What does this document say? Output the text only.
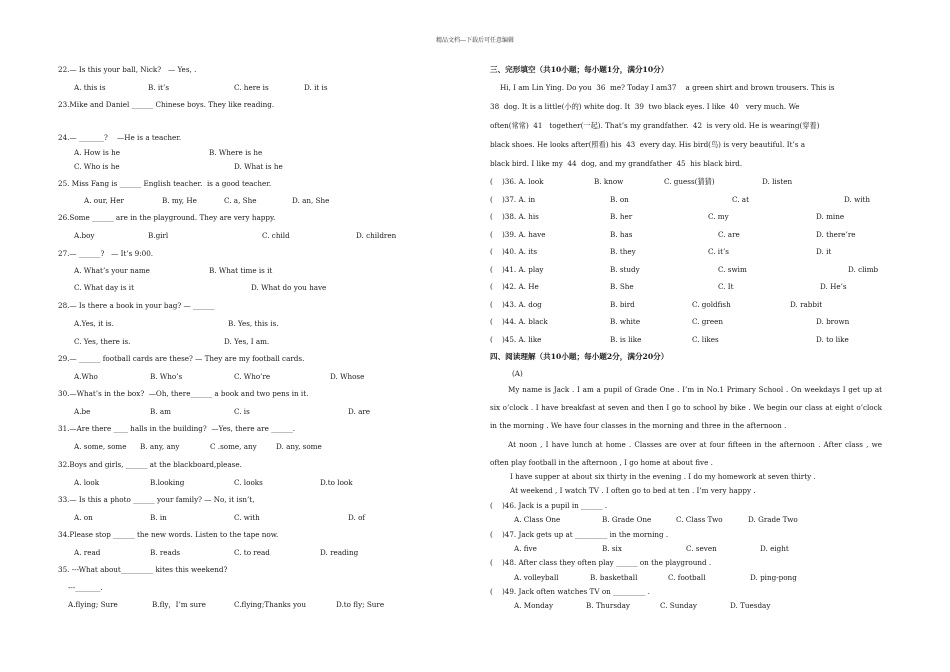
精品文档---下载后可任意编辑
22.— Is this your ball, Nick?   — Yes, .

A. this is

	B. it’s

	C. here is

	D. it is

23.Mike and Daniel ______ Chinese boys. They like reading.
24.— _______?    —He is a teacher.

A. How is he

	B. Where is he

C. Who is he

	D. What is he

25. Miss Fang is ______ English teacher.  is a good teacher.

A. our, Her

	B. my, He

	C. a, She

	D. an, She

26.Some ______ are in the playground. They are very happy.

A.boy

	B.girl

	C. child

	D. children

27.— ______?   — It’s 9:00.

A. What’s your name

	B. What time is it

C. What day is it

	D. What do you have

28.— Is there a book in your bag? — ______

A.Yes, it is.

	B. Yes, this is.

C. Yes, there is.

	D. Yes, I am.

29.— ______ football cards are these? — They are my football cards.

A.Who

	B. Who’s

	C. Who’re

	D. Whose

30.—What’s in the box?  —Oh, there______ a book and two pens in it.

A.be

	B. am

	C. is

	D. are

31.—Are there ____ halls in the building?  —Yes, there are ______.

A. some, some

B. any, any

	C .some, any

	D. any, some

32.Boys and girls, ______ at the blackboard,please.

A. look

	B.looking

	C. looks

	D.to look

33.— Is this a photo ______ your family? — No, it isn’t,

A. on

	B. in

	C. with

	D. of

34.Please stop ______ the new words. Listen to the tape now.

A. read

	B. reads

	C. to read

	D. reading

35. ---What about_________ kites this weekend?
---_______.

A.flying; Sure

	B.fly，I’m sure

	C.flying;Thanks you

	D.to fly; Sure

三、完形填空（共10小题；每小题1分，满分10分）
Hi, I am Lin Ying. Do you  36  me? Today I am37    a green shirt and brown trousers. This is
38  dog. It is a little(小的) white dog. It  39  two black eyes. I like  40   very much. We
often(常常)  41   together(一起). That’s my grandfather.  42  is very old. He is wearing(穿着)
black shoes. He looks after(照看) his  43  every day. His bird(鸟) is very beautiful. It’s a
black bird. I like my  44  dog, and my grandfather  45  his black bird.

(    )36. A. look

	B. know

	C. guess(猜猜)

	D. listen

(    )37. A. in

	B. on

	C. at

	D. with

(    )38. A. his

	B. her

	C. my

	D. mine

(    )39. A. have

	B. has

	C. are

	D. there’re

(    )40. A. its

	B. they

	C. it’s

	D. it

(    )41. A. play

	B. study

	C. swim

	D. climb

(    )42. A. He

	B. She

	C. It

	D. He’s

(    )43. A. dog

	B. bird

	C. goldfish

	D. rabbit

(    )44. A. black

	B. white

	C. green

	D. brown

(    )45. A. like

	B. is like

	C. likes

	D. to like

四、阅读理解（共10小题；每小题2分，满分20分）
(A)
My name is Jack . I am a pupil of Grade One . I’m in No.1 Primary School . On weekdays I get up at six o’clock . I have breakfast at seven and then I go to school by bike . We begin our class at eight o’clock in the morning . We have four classes in the morning and three in the afternoon .
At noon , I have lunch at home . Classes are over at four fifteen in the afternoon . After class , we often play football in the afternoon , I go home at about five .
I have supper at about six thirty in the evening . I do my homework at seven thirty .
At weekend , I watch TV . I often go to bed at ten . I’m very happy .
(    )46. Jack is a pupil in ______ .

A. Class One

	B. Grade One

	C. Class Two

	D. Grade Two

(    )47. Jack gets up at _________ in the morning .

A. five

	B. six

	C. seven

	D. eight

(    )48. After class they often play ______ on the playground .

A. volleyball

	B. basketball

	C. football

	D. ping-pong

(    )49. Jack often watches TV on _________ .

A. Monday

	B. Thursday

	C. Sunday

	D. Tuesday
